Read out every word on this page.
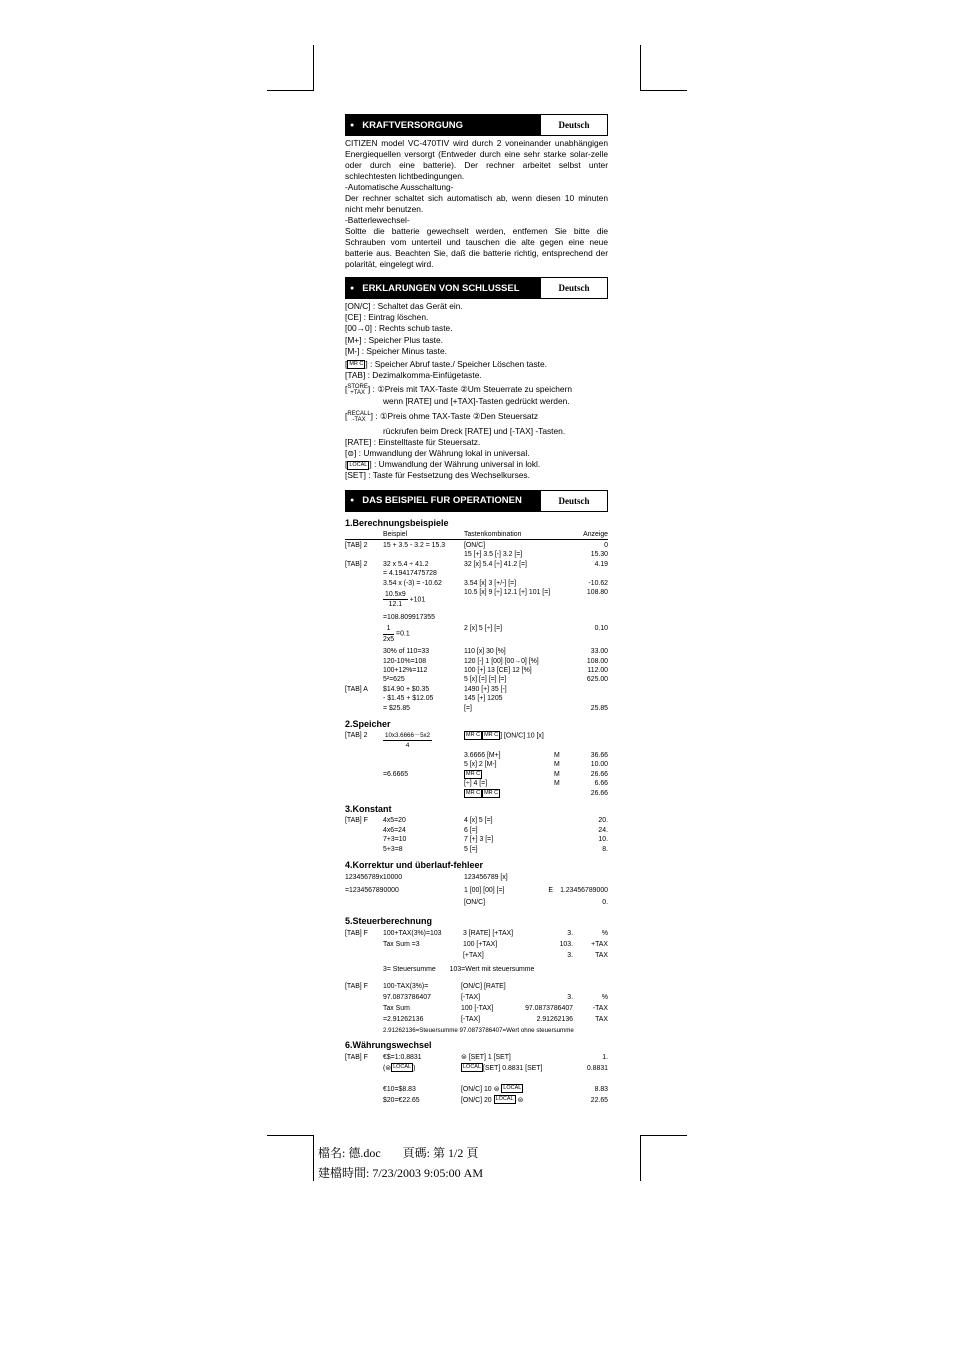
● KRAFTVERSORGUNG	Deutsch
CITIZEN model VC-470TIV wird durch 2 voneinander unabhängigen Energiequellen versorgt (Entweder durch eine sehr starke solar-zelle oder durch eine batterie). Der rechner arbeitet selbst unter schlechtesten lichtbedingungen.
-Automatische Ausschaltung-
Der rechner schaltet sich automatisch ab, wenn diesen 10 minuten nicht mehr benutzen.
-Batterlewechsel-
Soltte die batterie gewechselt werden, entfemen Sie bitte die Schrauben vom unterteil und tauschen die alte gegen eine neue batterie aus. Beachten Sie, daß die batterie richtig, entsprechend der polarität, eingelegt wird.
● ERKLARUNGEN VON SCHLUSSEL	Deutsch
[ON/C] : Schaltet das Gerät ein.
[CE] : Eintrag löschen.
[00→0] : Rechts schub taste.
[M+] : Speicher Plus taste.
[M-] : Speicher Minus taste.
[ MR C ] : Speicher Abruf taste./ Speicher Löschen taste.
[TAB] : Dezimalkomma-Einfügetaste.
[STORE
+TAX ] : ①Preis mit TAX-Taste ②Um Steuerrate zu speichern
wenn [RATE] und [+TAX]-Tasten gedrückt werden.
[RECALL
-TAX ] : ①Preis ohme TAX-Taste ②Den Steuersatz
rückrufen beim Dreck [RATE] und [-TAX] -Tasten.
[RATE] : Einstelltaste für Steuersatz.
[⊜] : Umwandlung der Währung lokal in universal.
[ LOCAL ] : Umwandlung der Währung universal in lokl.
[SET] : Taste für Festsetzung des Wechselkurses.
● DAS BEISPIEL FUR OPERATIONEN	Deutsch
1.Berechnungsbeispiele
	Beispiel	Tastenkombination	Anzeige

[TAB] 2	15 + 3.5 - 3.2 = 15.3	[ON/C]	0
		15 [+] 3.5 [-] 3.2 [=]	15.30
[TAB] 2	32 x 5.4 ÷ 41.2	32 [x] 5.4 [÷] 41.2 [=]	4.19
	= 4.19417475728		
	3.54 x (-3) = -10.62	3.54 [x] 3 [+/-] [=]	-10.62

	$\frac{10.5x9}{12.1} +101$	10.5 [x] 9 [÷] 12.1 [+] 101 [=]	108.80
	=108.809917355		

	$\frac{1}{2x5} =0.1$	2 [x] 5 [÷] [=]	0.10

	30% of 110=33	110 [x] 30 [%]	33.00
	120-10%=108	120 [-] 1 [00] [00→0] [%]	108.00
	100+12%=112	100 [+] 13 [CE] 12 [%]	112.00
	5²=625	5 [x] [=] [=] [=]	625.00
[TAB] A	$14.90 + $0.35	1490 [+] 35 [-]	
	- $1.45 + $12.05	145 [+] 1205	
	= $25.85	[=]	25.85
2.Speicher
[TAB] 2	$\frac{10x3.6666-5x2}{4}$	MR C MR C ] [ON/C] 10 [x]		
		3.6666 [M+]	M	36.66
		5 [x] 2 [M-]	M	10.00
	=6.6665	MR C	M	26.66
		[÷] 4 [=]	M	6.66
		MR C MR C		26.66
3.Konstant
[TAB] F	4x5=20	4 [x] 5 [=]	20.
	4x6=24	6 [=]	24.
	7+3=10	7 [+] 3 [=]	10.
	5+3=8	5 [=]	8.
4.Korrektur und überlauf-fehleer
123456789x10000	123456789 [x]		
=1234567890000	1 [00] [00] [=]	E	1.23456789000
	[ON/C]		0.
5.Steuerberechnung
[TAB] F	100+TAX(3%)=103	3 [RATE] [+TAX]	3.	%
	Tax Sum =3	100 [+TAX]	103.	+TAX
		[+TAX]	3.	TAX
3= Steuersumme 103=Wert mit steuersumme
[TAB] F	100-TAX(3%)=	[ON/C] [RATE]		
	97.0873786407	[-TAX]	3.	%
	Tax Sum	100 [-TAX]	97.0873786407	-TAX
	=2.91262136	[-TAX]	2.91262136	TAX
2.91262136=Steuersumme 97.0873786407=Wert ohne steuersumme
6.Währungswechsel
[TAB] F	€$=1:0.8831	⊜ [SET] 1 [SET]	1.
	(⊜ LOCAL )	LOCAL [SET] 0.8831 [SET]	0.8831

	€10=$8.83	[ON/C] 10 ⊜ LOCAL	8.83
	$20=€22.65	[ON/C] 20 LOCAL ⊜	22.65
檔名: 德.doc 頁碼: 第 1/2 頁
建檔時間: 7/23/2003 9:05:00 AM
